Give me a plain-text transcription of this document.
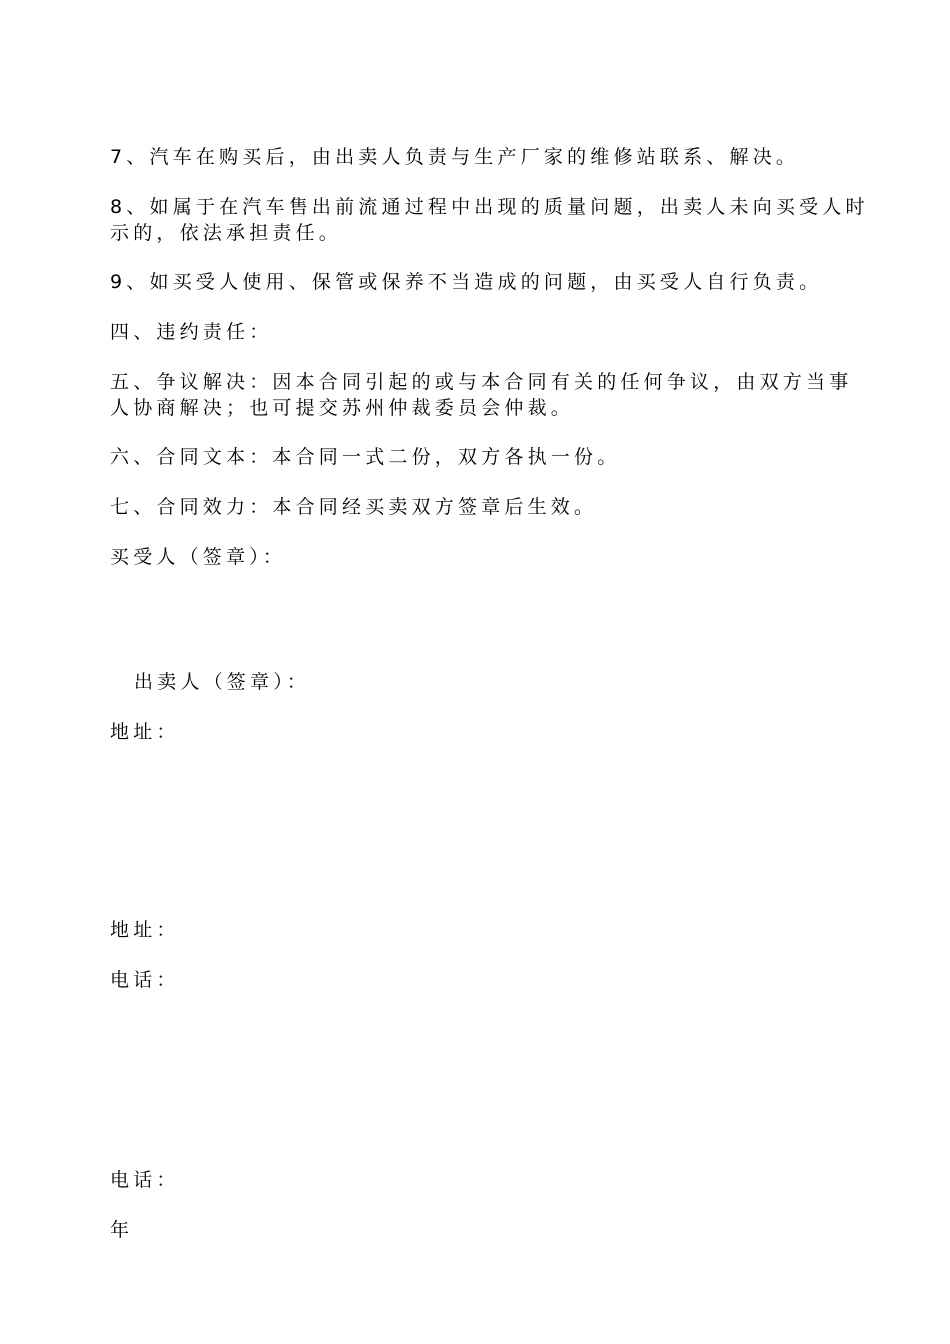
7、汽车在购买后，由出卖人负责与生产厂家的维修站联系、解决。
8、如属于在汽车售出前流通过程中出现的质量问题，出卖人未向买受人时
示的，依法承担责任。
9、如买受人使用、保管或保养不当造成的问题，由买受人自行负责。
四、违约责任：
五、争议解决：因本合同引起的或与本合同有关的任何争议，由双方当事
人协商解决；也可提交苏州仲裁委员会仲裁。
六、合同文本：本合同一式二份，双方各执一份。
七、合同效力：本合同经买卖双方签章后生效。
买受人（签章）：
出卖人（签章）：
地址：
地址：
电话：
电话：
年
